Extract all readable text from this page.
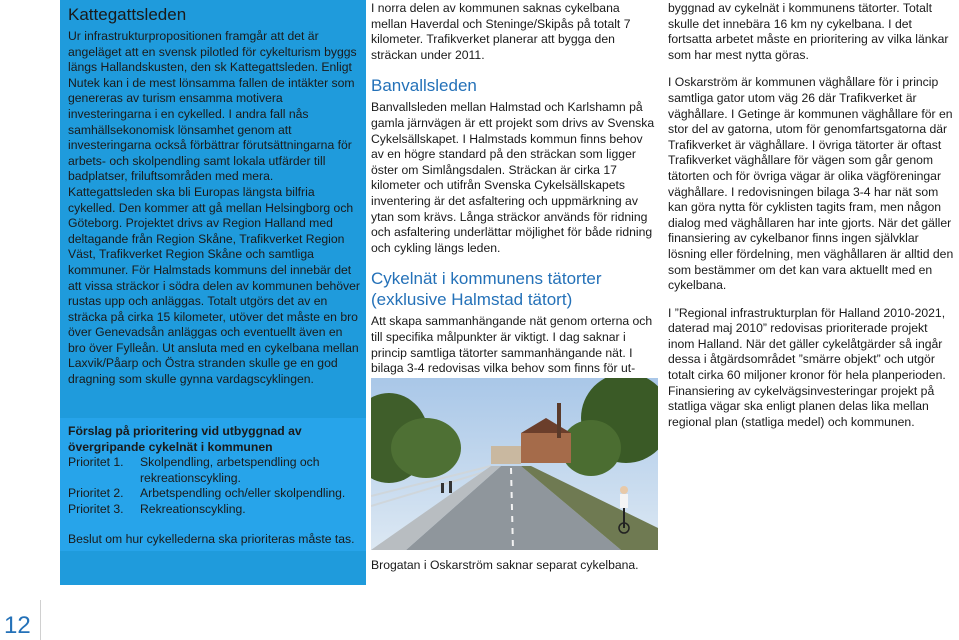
Kattegattsleden

Ur infrastrukturpropositionen framgår att det är angeläget att en svensk pilotled för cykelturism byggs längs Hallandskusten, den sk Kattegattsleden. Enligt Nutek kan i de mest lönsamma fallen de intäkter som genereras av turism ensamma motivera investeringarna i en cykelled. I andra fall nås samhällsekonomisk lönsamhet genom att investeringarna också förbättrar förutsättningarna för arbets- och skolpendling samt lokala utfärder till badplatser, friluftsområden med mera. Kattegattsleden ska bli Europas längsta bilfria cykelled. Den kommer att gå mellan Helsingborg och Göteborg. Projektet drivs av Region Halland med deltagande från Region Skåne, Trafikverket Region Väst, Trafikverket Region Skåne och samtliga kommuner. För Halmstads kommuns del innebär det att vissa sträckor i södra delen av kommunen behöver rustas upp och anläggas. Totalt utgörs det av en sträcka på cirka 15 kilometer, utöver det måste en bro över Genevadsån anläggas och eventuellt även en bro över Fylleån. Ut ansluta med en cykelbana mellan Laxvik/Påarp och Östra stranden skulle ge en god dragning som skulle gynna vardagscyklingen.

Förslag på prioritering vid utbyggnad av övergripande cykelnät i kommunen
Prioritet 1.	Skolpendling, arbetspendling och rekreationscykling.
Prioritet 2.	Arbetspendling och/eller skolpendling.
Prioritet 3.	Rekreationscykling.
Beslut om hur cykellederna ska prioriteras måste tas.

I norra delen av kommunen saknas cykelbana mellan Haverdal och Steninge/Skipås på totalt 7 kilometer. Trafikverket planerar att bygga den sträckan under 2011.

Banvallsleden

Banvallsleden mellan Halmstad och Karlshamn på gamla järnvägen är ett projekt som drivs av Svenska Cykelsällskapet. I Halmstads kommun finns behov av en högre standard på den sträckan som ligger öster om Simlångsdalen. Sträckan är cirka 17 kilometer och utifrån Svenska Cykelsällskapets inventering är det asfaltering och uppmärkning av ytan som krävs. Långa sträckor används för ridning och asfaltering underlättar möjlighet för både ridning och cykling längs leden.

Cykelnät i kommunens tätorter (exklusive Halmstad tätort)

Att skapa sammanhängande nät genom orterna och till specifika målpunkter är viktigt. I dag saknar i princip samtliga tätorter sammanhängande nät. I bilaga 3-4 redovisas vilka behov som finns för ut-

Brogatan i Oskarström saknar separat cykelbana.

byggnad av cykelnät i kommunens tätorter. Totalt skulle det innebära 16 km ny cykelbana. I det fortsatta arbetet måste en prioritering av vilka länkar som har mest nytta göras.

I Oskarström är kommunen väghållare för i princip samtliga gator utom väg 26 där Trafikverket är väghållare. I Getinge är kommunen väghållare för en stor del av gatorna, utom för genomfartsgatorna där Trafikverket är väghållare. I övriga tätorter är oftast Trafikverket väghållare för vägen som går genom tätorten och för övriga vägar är olika vägföreningar väghållare. I redovisningen bilaga 3-4 har nät som kan göra nytta för cyklisten tagits fram, men någon dialog med väghållaren har inte gjorts. När det gäller finansiering av cykelbanor finns ingen självklar lösning eller fördelning, men väghållaren är alltid den som bestämmer om det kan vara aktuellt med en cykelbana.

I ”Regional infrastrukturplan för Halland 2010-2021, daterad maj 2010” redovisas prioriterade projekt inom Halland. När det gäller cykelåtgärder så ingår dessa i åtgärdsområdet ”smärre objekt” och utgör totalt cirka 60 miljoner kronor för hela planperioden. Finansiering av cykelvägsinvesteringar projekt på statliga vägar ska enligt planen delas lika mellan regional plan (statliga medel) och kommunen.

12
